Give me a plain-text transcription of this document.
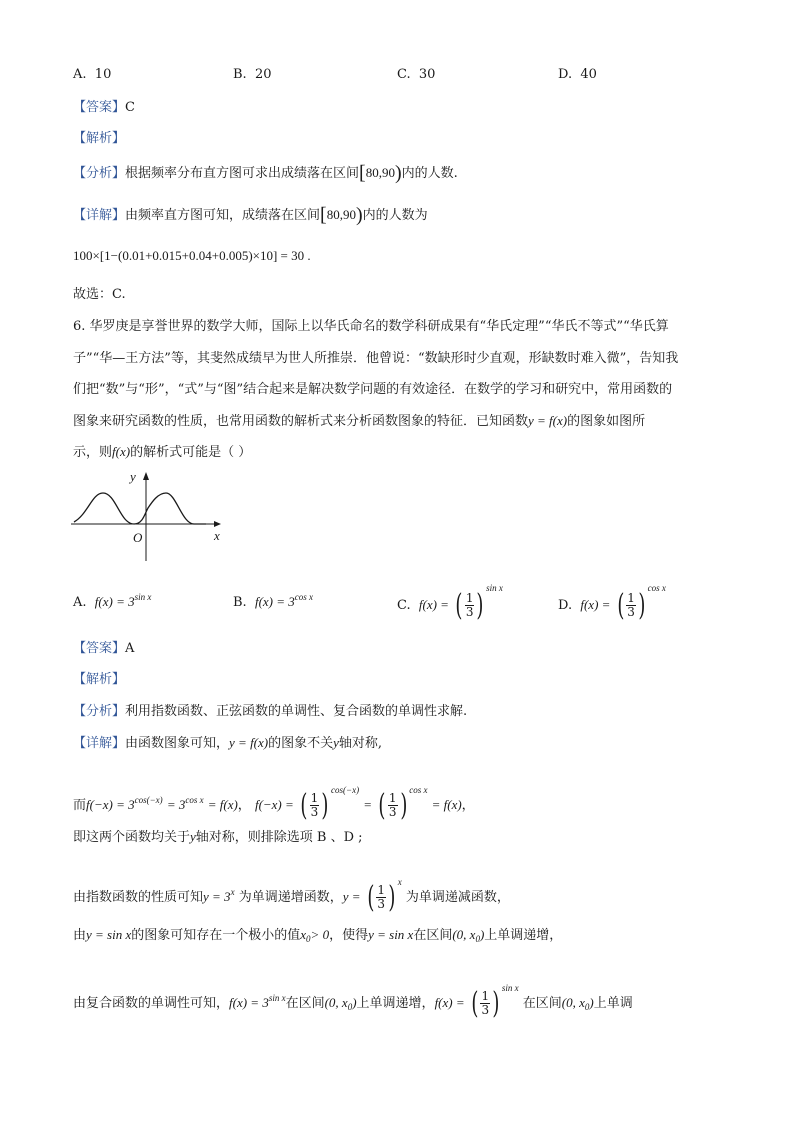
A. 10	B. 20	C. 30	D. 40
【答案】C
【解析】
【分析】根据频率分布直方图可求出成绩落在区间[80,90)内的人数.
【详解】由频率直方图可知，成绩落在区间[80,90)内的人数为
100×[1−(0.01+0.015+0.04+0.005)×10] = 30 .
故选：C.
6. 华罗庚是享誉世界的数学大师，国际上以华氏命名的数学科研成果有“华氏定理”“华氏不等式”“华氏算
子”“华—王方法”等，其斐然成绩早为世人所推崇．他曾说：“数缺形时少直观，形缺数时难入微”，告知我
们把“数”与“形”，“式”与“图”结合起来是解决数学问题的有效途径．在数学的学习和研究中，常用函数的
图象来研究函数的性质，也常用函数的解析式来分析函数图象的特征．已知函数y = f(x)的图象如图所
示，则f(x)的解析式可能是（ ）
y
x
O
A. $f(x) = 3^{sin x}$	B. $f(x) = 3^{cos x}$
C. f(x) = ( $\frac{1}{3}$ ) $^{sin x}$
D. f(x) = ( $\frac{1}{3}$ ) $^{cos x}$
【答案】A
【解析】
【分析】利用指数函数、正弦函数的单调性、复合函数的单调性求解.
【详解】由函数图象可知，y = f(x)的图象不关y轴对称,
而$f(-x) = 3^{cos(-x)} = 3^{cos x} = f(x)$， f(−x) = ( $\frac{1}{3}$ ) $^{cos(-x)}$ = ( $\frac{1}{3}$ ) $^{cos x}$ = f(x)，
即这两个函数均关于y轴对称，则排除选项 B 、D ;
由指数函数的性质可知$y = 3^x$ 为单调递增函数，y = ( $\frac{1}{3}$ ) $^x$ 为单调递减函数，
由y = sin x的图象可知存在一个极小的值$x_0> 0$，使得y = sin x在区间(0, $x_0$)上单调递增，
由复合函数的单调性可知，$f(x) = 3^{sin x}$在区间(0, $x_0$)上单调递增，f(x) = ( $\frac{1}{3}$ ) $^{sin x}$ 在区间(0, $x_0$)上单调
